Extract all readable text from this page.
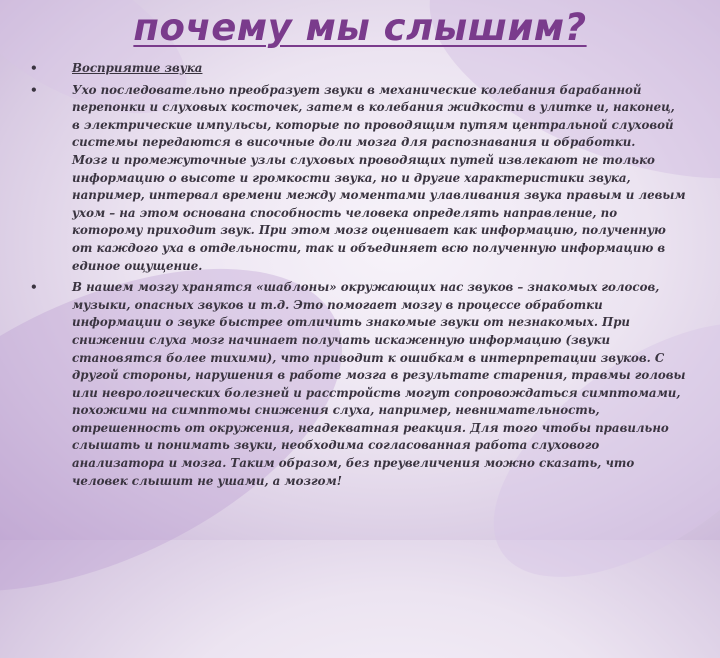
почему мы слышим?
•	Восприятие звука
•	Ухо последовательно преобразует звуки в механические колебания барабанной
перепонки и слуховых косточек, затем в колебания жидкости в улитке и, наконец,
в электрические импульсы, которые по проводящим путям центральной слуховой
системы передаются в височные доли мозга для распознавания и обработки.
Мозг и промежуточные узлы слуховых проводящих путей извлекают не только
информацию о высоте и громкости звука, но и другие характеристики звука,
например, интервал времени между моментами улавливания звука правым и левым
ухом – на этом основана способность человека определять направление, по
которому приходит звук. При этом мозг оценивает как информацию, полученную
от каждого уха в отдельности, так и объединяет всю полученную информацию в
единое ощущение.
•	В нашем мозгу хранятся «шаблоны» окружающих нас звуков – знакомых голосов,
музыки, опасных звуков и т.д. Это помогает мозгу в процессе обработки
информации о звуке быстрее отличить знакомые звуки от незнакомых. При
снижении слуха мозг начинает получать искаженную информацию (звуки
становятся более тихими), что приводит к ошибкам в интерпретации звуков. С
другой стороны, нарушения в работе мозга в результате старения, травмы головы
или неврологических болезней и расстройств могут сопровождаться симптомами,
похожими на симптомы снижения слуха, например, невнимательность,
отрешенность от окружения, неадекватная реакция. Для того чтобы правильно
слышать и понимать звуки, необходима согласованная работа слухового
анализатора и мозга. Таким образом, без преувеличения можно сказать, что
человек слышит не ушами, а мозгом!
